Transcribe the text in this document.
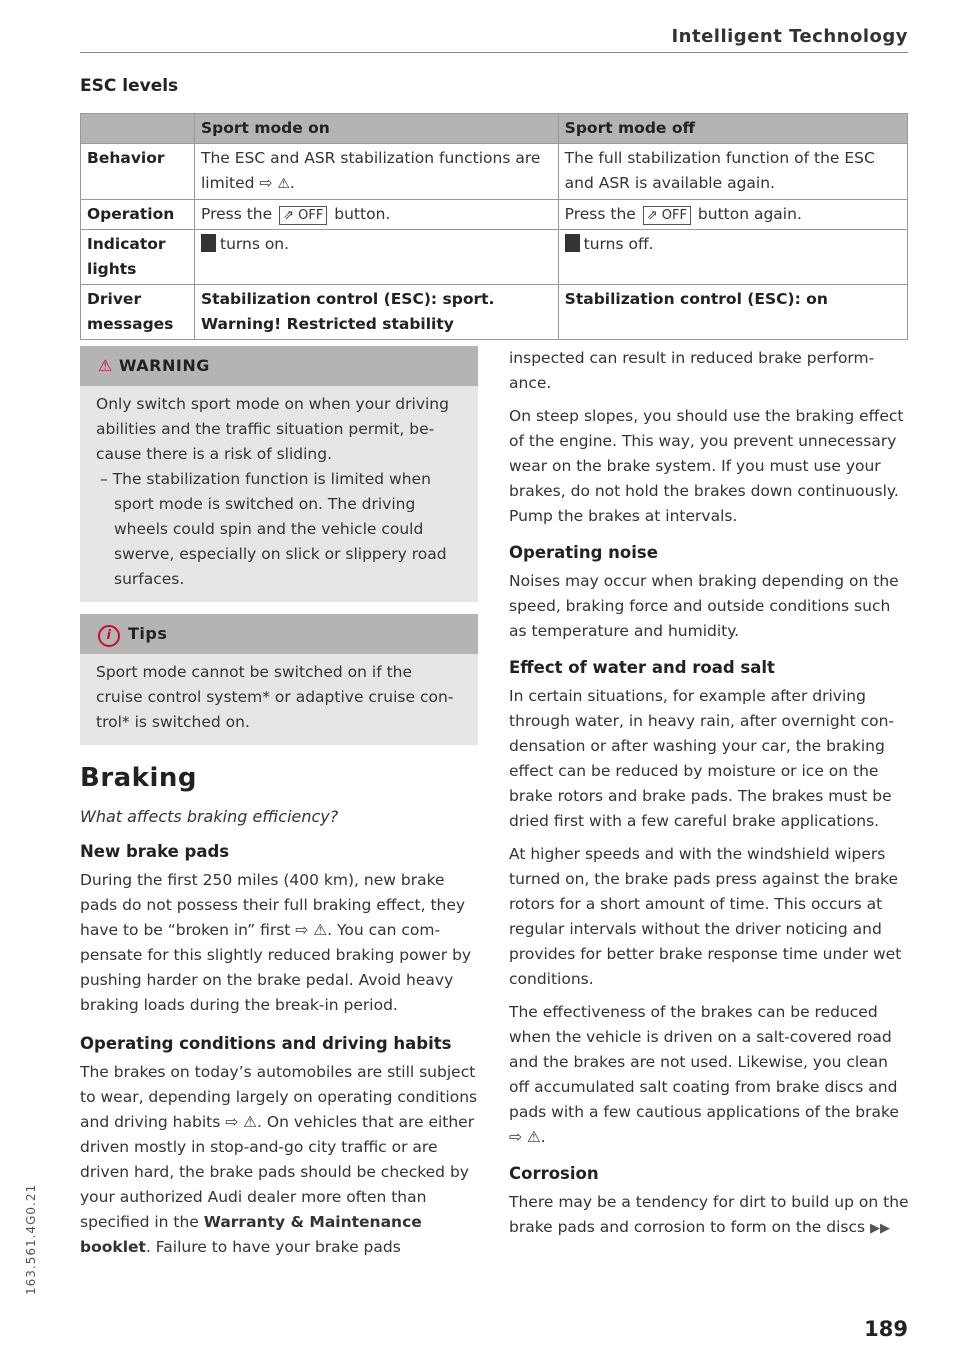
Intelligent Technology
163.561.4G0.21
ESC levels
	Sport mode on	Sport mode off
Behavior	The ESC and ASR stabilization functions are limited ⇨ ⚠.	The full stabilization function of the ESC and ASR is available again.
Operation	Press the ⇗ OFF button.	Press the ⇗ OFF button again.
Indicator lights	turns on.	turns off.
Driver messages	Stabilization control (ESC): sport. Warning! Restricted stability	Stabilization control (ESC): on
⚠ WARNING
Only switch sport mode on when your driving abilities and the traffic situation permit, because there is a risk of sliding.
– The stabilization function is limited when sport mode is switched on. The driving wheels could spin and the vehicle could swerve, especially on slick or slippery road surfaces.
i Tips
Sport mode cannot be switched on if the cruise control system* or adaptive cruise control* is switched on.
Braking
What affects braking efficiency?
New brake pads

During the first 250 miles (400 km), new brake pads do not possess their full braking effect, they have to be “broken in” first ⇨ ⚠. You can compensate for this slightly reduced braking power by pushing harder on the brake pedal. Avoid heavy braking loads during the break-in period.

Operating conditions and driving habits

The brakes on today’s automobiles are still subject to wear, depending largely on operating conditions and driving habits ⇨ ⚠. On vehicles that are either driven mostly in stop-and-go city traffic or are driven hard, the brake pads should be checked by your authorized Audi dealer more often than specified in the Warranty & Maintenance booklet. Failure to have your brake pads

inspected can result in reduced brake performance.

On steep slopes, you should use the braking effect of the engine. This way, you prevent unnecessary wear on the brake system. If you must use your brakes, do not hold the brakes down continuously. Pump the brakes at intervals.

Operating noise

Noises may occur when braking depending on the speed, braking force and outside conditions such as temperature and humidity.

Effect of water and road salt

In certain situations, for example after driving through water, in heavy rain, after overnight condensation or after washing your car, the braking effect can be reduced by moisture or ice on the brake rotors and brake pads. The brakes must be dried first with a few careful brake applications.

At higher speeds and with the windshield wipers turned on, the brake pads press against the brake rotors for a short amount of time. This occurs at regular intervals without the driver noticing and provides for better brake response time under wet conditions.

The effectiveness of the brakes can be reduced when the vehicle is driven on a salt-covered road and the brakes are not used. Likewise, you clean off accumulated salt coating from brake discs and pads with a few cautious applications of the brake ⇨ ⚠.

Corrosion

There may be a tendency for dirt to build up on the brake pads and corrosion to form on the discs ▶▶

189
